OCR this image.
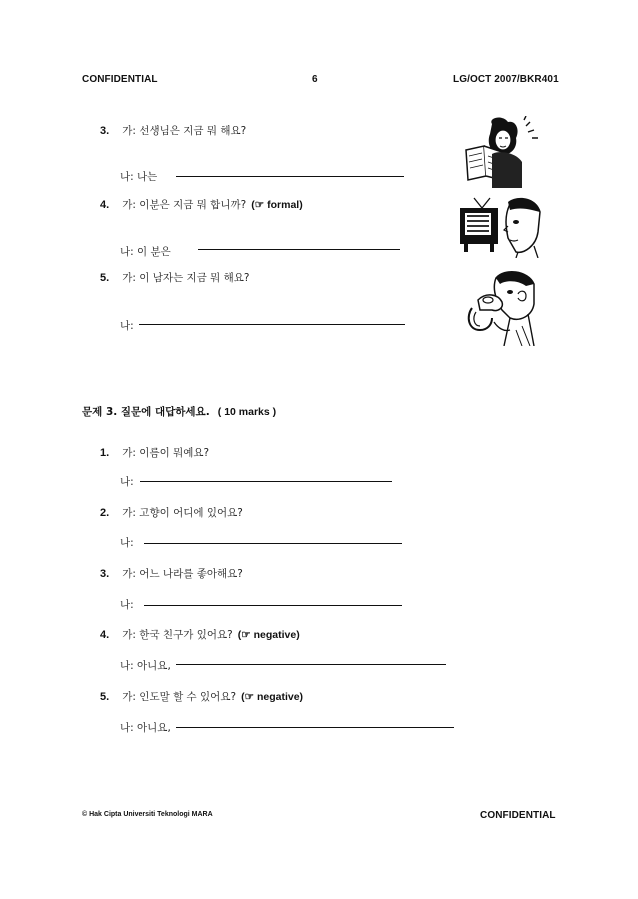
CONFIDENTIAL	6	LG/OCT 2007/BKR401
3. 가: 선생님은 지금 뭐 해요?
나: 나는
4. 가: 이분은 지금 뭐 합니까? (☞ formal)
나: 이 분은
5. 가: 이 남자는 지금 뭐 해요?
나:
문제 3. 질문에 대답하세요. ( 10 marks )
1. 가: 이름이 뭐예요?
나:
2. 가: 고향이 어디에 있어요?
나:
3. 가: 어느 나라를 좋아해요?
나:
4. 가: 한국 친구가 있어요? (☞ negative)
나: 아니요,
5. 가: 인도말 할 수 있어요? (☞ negative)
나: 아니요,
© Hak Cipta Universiti Teknologi MARA	CONFIDENTIAL
